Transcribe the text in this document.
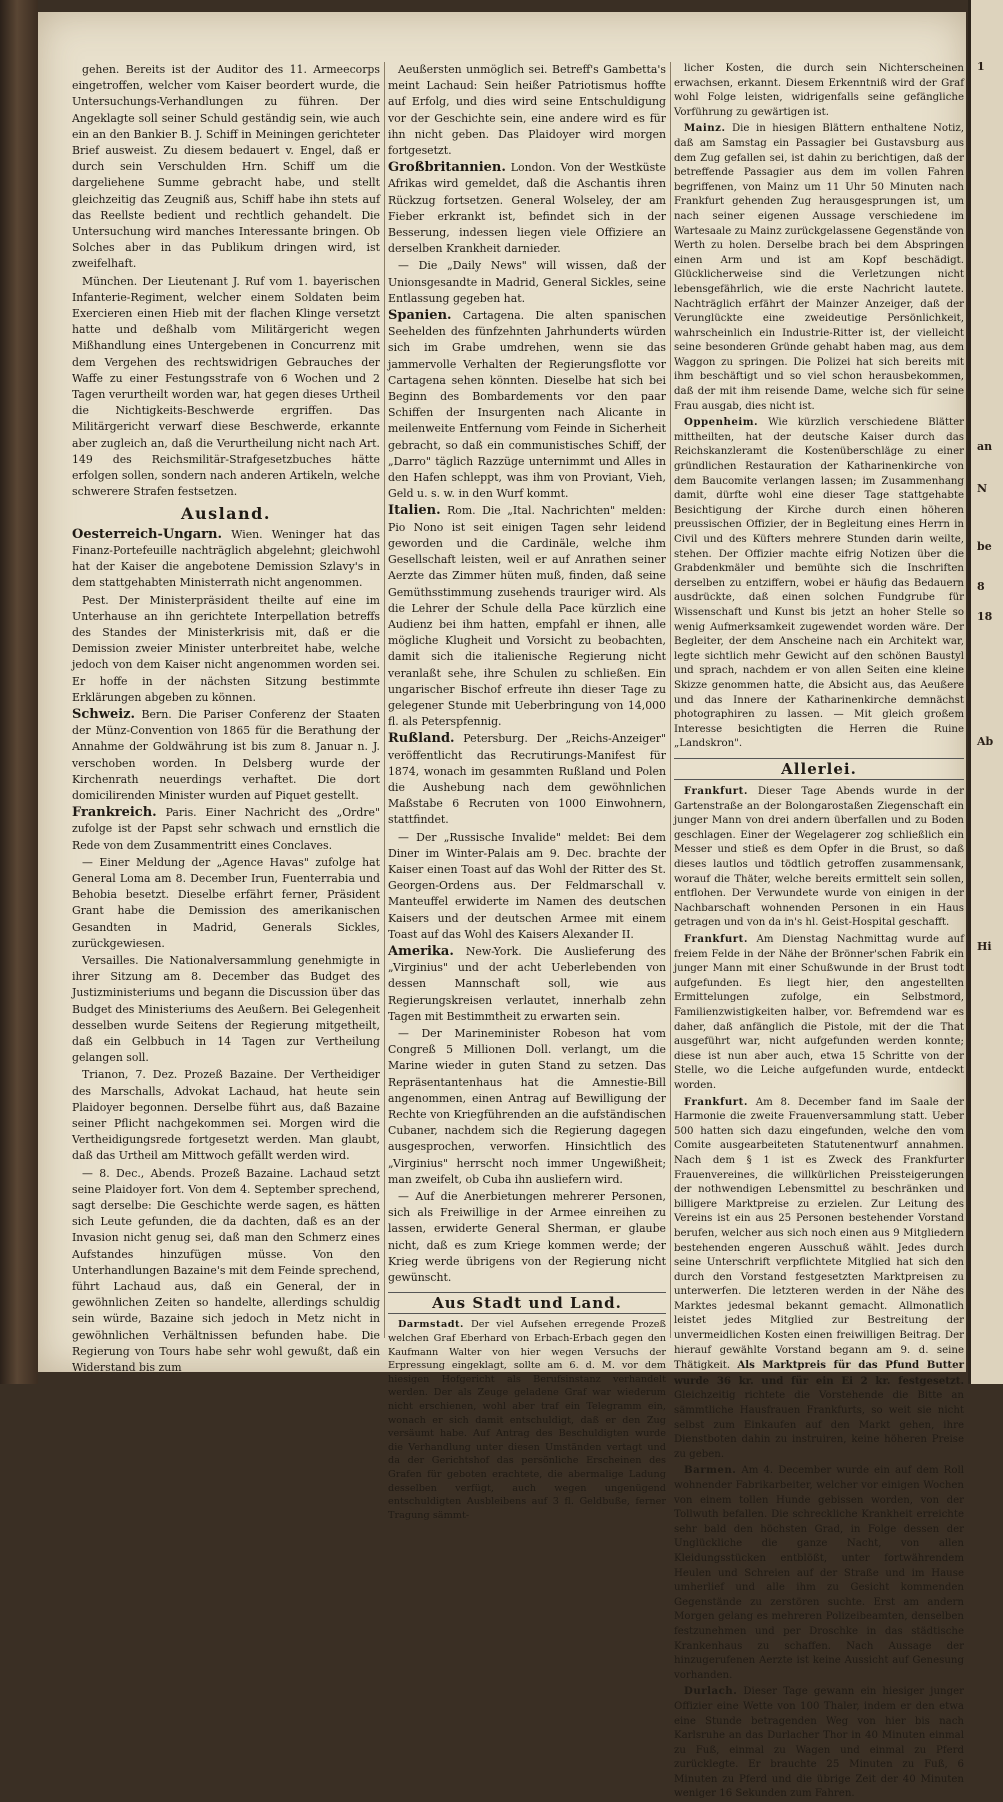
gehen. Bereits ist der Auditor des 11. Armeecorps eingetroffen, welcher vom Kaiser beordert wurde, die Untersuchungs-Verhandlungen zu führen. Der Angeklagte soll seiner Schuld geständig sein, wie auch ein an den Bankier B. J. Schiff in Meiningen gerichteter Brief ausweist. Zu diesem bedauert v. Engel, daß er durch sein Verschulden Hrn. Schiff um die dargeliehene Summe gebracht habe, und stellt gleichzeitig das Zeugniß aus, Schiff habe ihn stets auf das Reellste bedient und rechtlich gehandelt. Die Untersuchung wird manches Interessante bringen. Ob Solches aber in das Publikum dringen wird, ist zweifelhaft.

München. Der Lieutenant J. Ruf vom 1. bayerischen Infanterie-Regiment, welcher einem Soldaten beim Exercieren einen Hieb mit der flachen Klinge versetzt hatte und deßhalb vom Militärgericht wegen Mißhandlung eines Untergebenen in Concurrenz mit dem Vergehen des rechtswidrigen Gebrauches der Waffe zu einer Festungsstrafe von 6 Wochen und 2 Tagen verurtheilt worden war, hat gegen dieses Urtheil die Nichtigkeits-Beschwerde ergriffen. Das Militärgericht verwarf diese Beschwerde, erkannte aber zugleich an, daß die Verurtheilung nicht nach Art. 149 des Reichsmilitär-Strafgesetzbuches hätte erfolgen sollen, sondern nach anderen Artikeln, welche schwerere Strafen festsetzen.

Ausland.

Oesterreich-Ungarn. Wien. Weninger hat das Finanz-Portefeuille nachträglich abgelehnt; gleichwohl hat der Kaiser die angebotene Demission Szlavy's in dem stattgehabten Ministerrath nicht angenommen.

Pest. Der Ministerpräsident theilte auf eine im Unterhause an ihn gerichtete Interpellation betreffs des Standes der Ministerkrisis mit, daß er die Demission zweier Minister unterbreitet habe, welche jedoch von dem Kaiser nicht angenommen worden sei. Er hoffe in der nächsten Sitzung bestimmte Erklärungen abgeben zu können.

Schweiz. Bern. Die Pariser Conferenz der Staaten der Münz-Convention von 1865 für die Berathung der Annahme der Goldwährung ist bis zum 8. Januar n. J. verschoben worden. In Delsberg wurde der Kirchenrath neuerdings verhaftet. Die dort domicilirenden Minister wurden auf Piquet gestellt.

Frankreich. Paris. Einer Nachricht des „Ordre" zufolge ist der Papst sehr schwach und ernstlich die Rede von dem Zusammentritt eines Conclaves.

— Einer Meldung der „Agence Havas" zufolge hat General Loma am 8. December Irun, Fuenterrabia und Behobia besetzt. Dieselbe erfährt ferner, Präsident Grant habe die Demission des amerikanischen Gesandten in Madrid, Generals Sickles, zurückgewiesen.

Versailles. Die Nationalversammlung genehmigte in ihrer Sitzung am 8. December das Budget des Justizministeriums und begann die Discussion über das Budget des Ministeriums des Aeußern. Bei Gelegenheit desselben wurde Seitens der Regierung mitgetheilt, daß ein Gelbbuch in 14 Tagen zur Vertheilung gelangen soll.

Trianon, 7. Dez. Prozeß Bazaine. Der Vertheidiger des Marschalls, Advokat Lachaud, hat heute sein Plaidoyer begonnen. Derselbe führt aus, daß Bazaine seiner Pflicht nachgekommen sei. Morgen wird die Vertheidigungsrede fortgesetzt werden. Man glaubt, daß das Urtheil am Mittwoch gefällt werden wird.

— 8. Dec., Abends. Prozeß Bazaine. Lachaud setzt seine Plaidoyer fort. Von dem 4. September sprechend, sagt derselbe: Die Geschichte werde sagen, es hätten sich Leute gefunden, die da dachten, daß es an der Invasion nicht genug sei, daß man den Schmerz eines Aufstandes hinzufügen müsse. Von den Unterhandlungen Bazaine's mit dem Feinde sprechend, führt Lachaud aus, daß ein General, der in gewöhnlichen Zeiten so handelte, allerdings schuldig sein würde, Bazaine sich jedoch in Metz nicht in gewöhnlichen Verhältnissen befunden habe. Die Regierung von Tours habe sehr wohl gewußt, daß ein Widerstand bis zum

Aeußersten unmöglich sei. Betreff's Gambetta's meint Lachaud: Sein heißer Patriotismus hoffte auf Erfolg, und dies wird seine Entschuldigung vor der Geschichte sein, eine andere wird es für ihn nicht geben. Das Plaidoyer wird morgen fortgesetzt.

Großbritannien. London. Von der Westküste Afrikas wird gemeldet, daß die Aschantis ihren Rückzug fortsetzen. General Wolseley, der am Fieber erkrankt ist, befindet sich in der Besserung, indessen liegen viele Offiziere an derselben Krankheit darnieder.

— Die „Daily News" will wissen, daß der Unionsgesandte in Madrid, General Sickles, seine Entlassung gegeben hat.

Spanien. Cartagena. Die alten spanischen Seehelden des fünfzehnten Jahrhunderts würden sich im Grabe umdrehen, wenn sie das jammervolle Verhalten der Regierungsflotte vor Cartagena sehen könnten. Dieselbe hat sich bei Beginn des Bombardements vor den paar Schiffen der Insurgenten nach Alicante in meilenweite Entfernung vom Feinde in Sicherheit gebracht, so daß ein communistisches Schiff, der „Darro" täglich Razzüge unternimmt und Alles in den Hafen schleppt, was ihm von Proviant, Vieh, Geld u. s. w. in den Wurf kommt.

Italien. Rom. Die „Ital. Nachrichten" melden: Pio Nono ist seit einigen Tagen sehr leidend geworden und die Cardinäle, welche ihm Gesellschaft leisten, weil er auf Anrathen seiner Aerzte das Zimmer hüten muß, finden, daß seine Gemüthsstimmung zusehends trauriger wird. Als die Lehrer der Schule della Pace kürzlich eine Audienz bei ihm hatten, empfahl er ihnen, alle mögliche Klugheit und Vorsicht zu beobachten, damit sich die italienische Regierung nicht veranlaßt sehe, ihre Schulen zu schließen. Ein ungarischer Bischof erfreute ihn dieser Tage zu gelegener Stunde mit Ueberbringung von 14,000 fl. als Peterspfennig.

Rußland. Petersburg. Der „Reichs-Anzeiger" veröffentlicht das Recrutirungs-Manifest für 1874, wonach im gesammten Rußland und Polen die Aushebung nach dem gewöhnlichen Maßstabe 6 Recruten von 1000 Einwohnern, stattfindet.

— Der „Russische Invalide" meldet: Bei dem Diner im Winter-Palais am 9. Dec. brachte der Kaiser einen Toast auf das Wohl der Ritter des St. Georgen-Ordens aus. Der Feldmarschall v. Manteuffel erwiderte im Namen des deutschen Kaisers und der deutschen Armee mit einem Toast auf das Wohl des Kaisers Alexander II.

Amerika. New-York. Die Auslieferung des „Virginius" und der acht Ueberlebenden von dessen Mannschaft soll, wie aus Regierungskreisen verlautet, innerhalb zehn Tagen mit Bestimmtheit zu erwarten sein.

— Der Marineminister Robeson hat vom Congreß 5 Millionen Doll. verlangt, um die Marine wieder in guten Stand zu setzen. Das Repräsentantenhaus hat die Amnestie-Bill angenommen, einen Antrag auf Bewilligung der Rechte von Kriegführenden an die aufständischen Cubaner, nachdem sich die Regierung dagegen ausgesprochen, verworfen. Hinsichtlich des „Virginius" herrscht noch immer Ungewißheit; man zweifelt, ob Cuba ihn ausliefern wird.

— Auf die Anerbietungen mehrerer Personen, sich als Freiwillige in der Armee einreihen zu lassen, erwiderte General Sherman, er glaube nicht, daß es zum Kriege kommen werde; der Krieg werde übrigens von der Regierung nicht gewünscht.

Aus Stadt und Land.

Darmstadt. Der viel Aufsehen erregende Prozeß welchen Graf Eberhard von Erbach-Erbach gegen den Kaufmann Walter von hier wegen Versuchs der Erpressung eingeklagt, sollte am 6. d. M. vor dem hiesigen Hofgericht als Berufsinstanz verhandelt werden. Der als Zeuge geladene Graf war wiederum nicht erschienen, wohl aber traf ein Telegramm ein, wonach er sich damit entschuldigt, daß er den Zug versäumt habe. Auf Antrag des Beschuldigten wurde die Verhandlung unter diesen Umständen vertagt und da der Gerichtshof das persönliche Erscheinen des Grafen für geboten erachtete, die abermalige Ladung desselben verfügt, auch wegen ungenügend entschuldigten Ausbleibens auf 3 fl. Geldbuße, ferner Tragung sämmt-

licher Kosten, die durch sein Nichterscheinen erwachsen, erkannt. Diesem Erkenntniß wird der Graf wohl Folge leisten, widrigenfalls seine gefängliche Vorführung zu gewärtigen ist.

Mainz. Die in hiesigen Blättern enthaltene Notiz, daß am Samstag ein Passagier bei Gustavsburg aus dem Zug gefallen sei, ist dahin zu berichtigen, daß der betreffende Passagier aus dem im vollen Fahren begriffenen, von Mainz um 11 Uhr 50 Minuten nach Frankfurt gehenden Zug herausgesprungen ist, um nach seiner eigenen Aussage verschiedene im Wartesaale zu Mainz zurückgelassene Gegenstände von Werth zu holen. Derselbe brach bei dem Abspringen einen Arm und ist am Kopf beschädigt. Glücklicherweise sind die Verletzungen nicht lebensgefährlich, wie die erste Nachricht lautete. Nachträglich erfährt der Mainzer Anzeiger, daß der Verunglückte eine zweideutige Persönlichkeit, wahrscheinlich ein Industrie-Ritter ist, der vielleicht seine besonderen Gründe gehabt haben mag, aus dem Waggon zu springen. Die Polizei hat sich bereits mit ihm beschäftigt und so viel schon herausbekommen, daß der mit ihm reisende Dame, welche sich für seine Frau ausgab, dies nicht ist.

Oppenheim. Wie kürzlich verschiedene Blätter mittheilten, hat der deutsche Kaiser durch das Reichskanzleramt die Kostenüberschläge zu einer gründlichen Restauration der Katharinenkirche von dem Baucomite verlangen lassen; im Zusammenhang damit, dürfte wohl eine dieser Tage stattgehabte Besichtigung der Kirche durch einen höheren preussischen Offizier, der in Begleitung eines Herrn in Civil und des Küfters mehrere Stunden darin weilte, stehen. Der Offizier machte eifrig Notizen über die Grabdenkmäler und bemühte sich die Inschriften derselben zu entziffern, wobei er häufig das Bedauern ausdrückte, daß einen solchen Fundgrube für Wissenschaft und Kunst bis jetzt an hoher Stelle so wenig Aufmerksamkeit zugewendet worden wäre. Der Begleiter, der dem Anscheine nach ein Architekt war, legte sichtlich mehr Gewicht auf den schönen Baustyl und sprach, nachdem er von allen Seiten eine kleine Skizze genommen hatte, die Absicht aus, das Aeußere und das Innere der Katharinenkirche demnächst photographiren zu lassen. — Mit gleich großem Interesse besichtigten die Herren die Ruine „Landskron".

Allerlei.

Frankfurt. Dieser Tage Abends wurde in der Gartenstraße an der Bolongarostaßen Ziegenschaft ein junger Mann von drei andern überfallen und zu Boden geschlagen. Einer der Wegelagerer zog schließlich ein Messer und stieß es dem Opfer in die Brust, so daß dieses lautlos und tödtlich getroffen zusammensank, worauf die Thäter, welche bereits ermittelt sein sollen, entflohen. Der Verwundete wurde von einigen in der Nachbarschaft wohnenden Personen in ein Haus getragen und von da in's hl. Geist-Hospital geschafft.

Frankfurt. Am Dienstag Nachmittag wurde auf freiem Felde in der Nähe der Brönner'schen Fabrik ein junger Mann mit einer Schußwunde in der Brust todt aufgefunden. Es liegt hier, den angestellten Ermittelungen zufolge, ein Selbstmord, Familienzwistigkeiten halber, vor. Befremdend war es daher, daß anfänglich die Pistole, mit der die That ausgeführt war, nicht aufgefunden werden konnte; diese ist nun aber auch, etwa 15 Schritte von der Stelle, wo die Leiche aufgefunden wurde, entdeckt worden.

Frankfurt. Am 8. December fand im Saale der Harmonie die zweite Frauenversammlung statt. Ueber 500 hatten sich dazu eingefunden, welche den vom Comite ausgearbeiteten Statutenentwurf annahmen. Nach dem § 1 ist es Zweck des Frankfurter Frauenvereines, die willkürlichen Preissteigerungen der nothwendigen Lebensmittel zu beschränken und billigere Marktpreise zu erzielen. Zur Leitung des Vereins ist ein aus 25 Personen bestehender Vorstand berufen, welcher aus sich noch einen aus 9 Mitgliedern bestehenden engeren Ausschuß wählt. Jedes durch seine Unterschrift verpflichtete Mitglied hat sich den durch den Vorstand festgesetzten Marktpreisen zu unterwerfen. Die letzteren werden in der Nähe des Marktes jedesmal bekannt gemacht. Allmonatlich leistet jedes Mitglied zur Bestreitung der unvermeidlichen Kosten einen freiwilligen Beitrag. Der hierauf gewählte Vorstand begann am 9. d. seine Thätigkeit. Als Marktpreis für das Pfund Butter wurde 36 kr. und für ein Ei 2 kr. festgesetzt. Gleichzeitig richtete die Vorstehende die Bitte an sämmtliche Hausfrauen Frankfurts, so weit sie nicht selbst zum Einkaufen auf den Markt gehen, ihre Dienstboten dahin zu instruiren, keine höheren Preise zu geben.

Barmen. Am 4. December wurde ein auf dem Roll wohnender Fabrikarbeiter, welcher vor einigen Wochen von einem tollen Hunde gebissen worden, von der Tollwuth befallen. Die schreckliche Krankheit erreichte sehr bald den höchsten Grad, in Folge dessen der Unglückliche die ganze Nacht, von allen Kleidungsstücken entblößt, unter fortwährendem Heulen und Schreien auf der Straße und im Hause umherlief und alle ihm zu Gesicht kommenden Gegenstände zu zerstören suchte. Erst am andern Morgen gelang es mehreren Polizeibeamten, denselben festzunehmen und per Droschke in das städtische Krankenhaus zu schaffen. Nach Aussage der hinzugerufenen Aerzte ist keine Aussicht auf Genesung vorhanden.

Durlach. Dieser Tage gewann ein hiesiger junger Offizier eine Wette von 100 Thaler, indem er den etwa eine Stunde betragenden Weg von hier bis nach Karlsruhe an das Durlacher Thor in 40 Minuten einmal zu Fuß, einmal zu Wagen und einmal zu Pferd zurücklegte. Er brauchte 25 Minuten zu Fuß, 6 Minuten zu Pferd und die übrige Zeit der 40 Minuten weniger 16 Sekunden zum Fahren.

1
an
N
be
8
18
Ab
Hi
